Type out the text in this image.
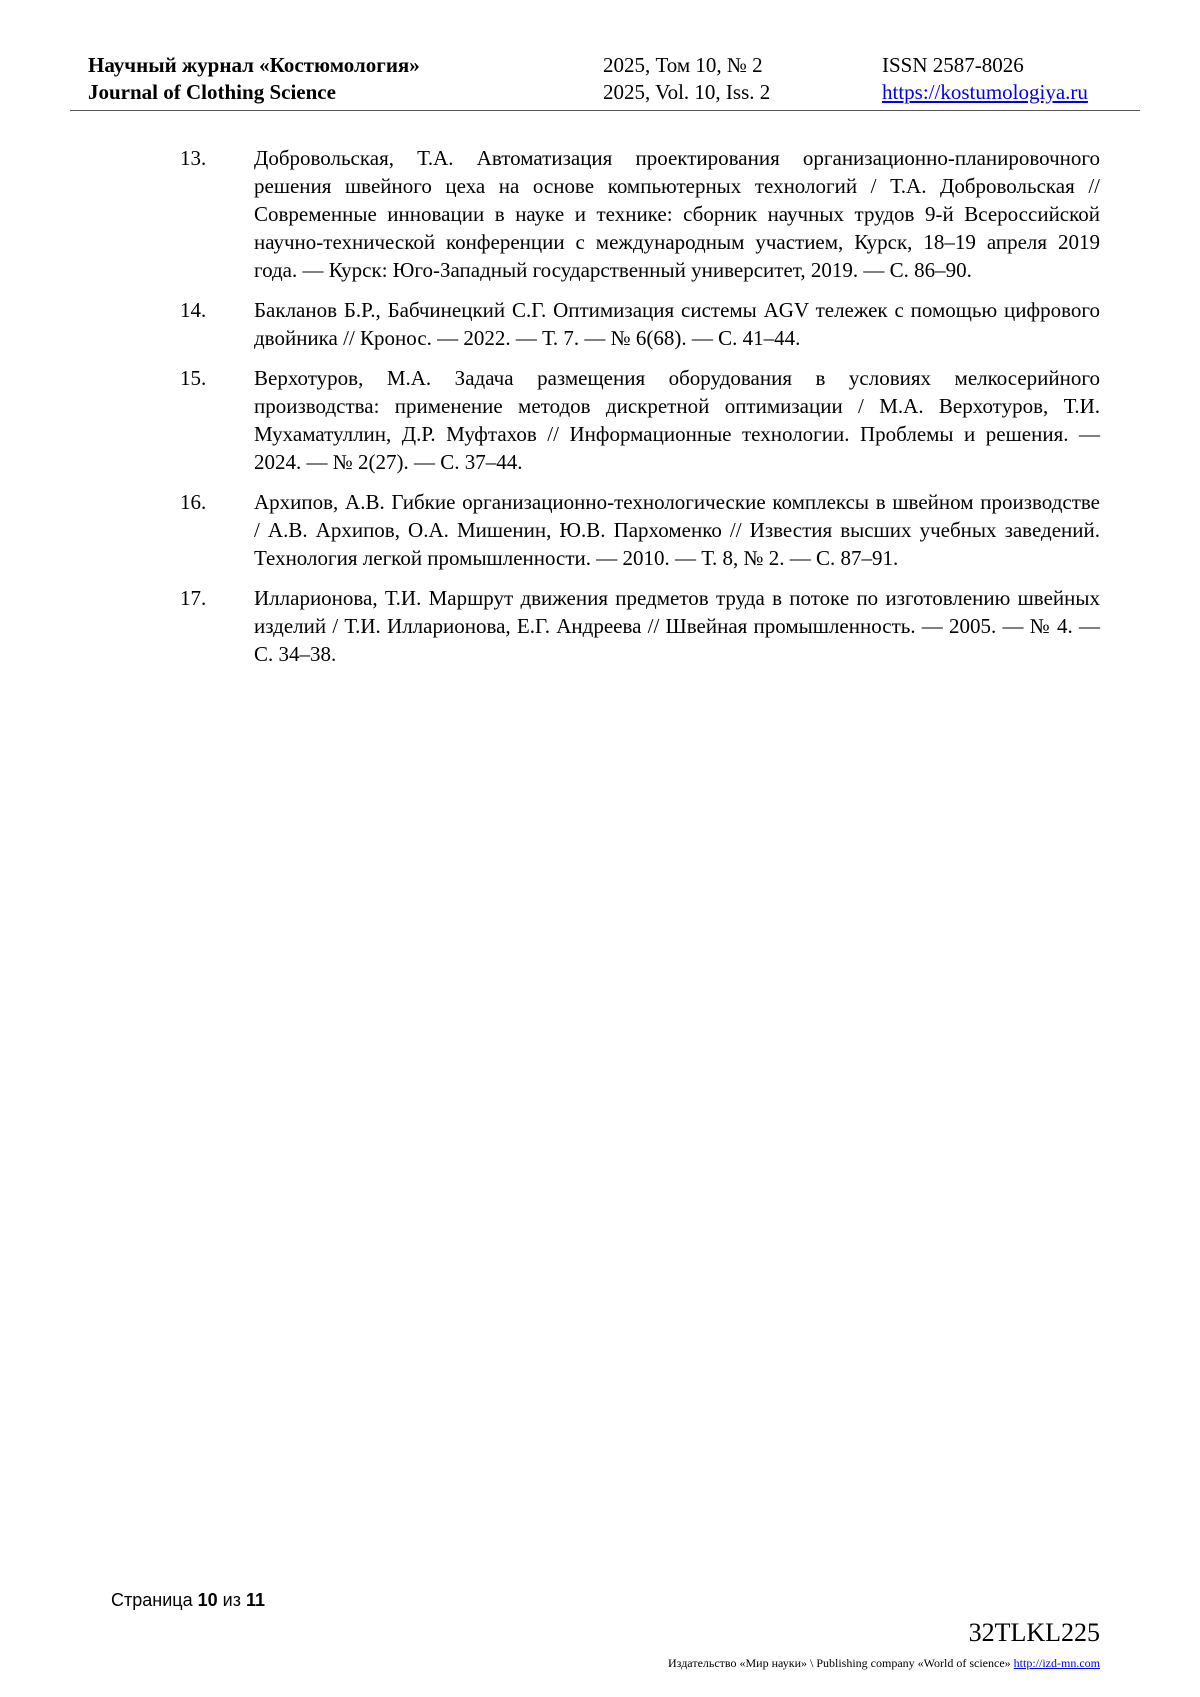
Научный журнал «Костюмология»
Journal of Clothing Science
2025, Том 10, № 2
2025, Vol. 10, Iss. 2
ISSN 2587-8026
https://kostumologiya.ru
13. Добровольская, Т.А. Автоматизация проектирования организационно-планировочного решения швейного цеха на основе компьютерных технологий / Т.А. Добровольская // Современные инновации в науке и технике: сборник научных трудов 9-й Всероссийской научно-технической конференции с международным участием, Курск, 18–19 апреля 2019 года. — Курск: Юго-Западный государственный университет, 2019. — С. 86–90.
14. Бакланов Б.Р., Бабчинецкий С.Г. Оптимизация системы AGV тележек с помощью цифрового двойника // Кронос. — 2022. — Т. 7. — № 6(68). — С. 41–44.
15. Верхотуров, М.А. Задача размещения оборудования в условиях мелкосерийного производства: применение методов дискретной оптимизации / М.А. Верхотуров, Т.И. Мухаматуллин, Д.Р. Муфтахов // Информационные технологии. Проблемы и решения. — 2024. — № 2(27). — С. 37–44.
16. Архипов, А.В. Гибкие организационно-технологические комплексы в швейном производстве / А.В. Архипов, О.А. Мишенин, Ю.В. Пархоменко // Известия высших учебных заведений. Технология легкой промышленности. — 2010. — Т. 8, № 2. — С. 87–91.
17. Илларионова, Т.И. Маршрут движения предметов труда в потоке по изготовлению швейных изделий / Т.И. Илларионова, Е.Г. Андреева // Швейная промышленность. — 2005. — № 4. — С. 34–38.
Страница 10 из 11
32TLKL225
Издательство «Мир науки» \ Publishing company «World of science» http://izd-mn.com
